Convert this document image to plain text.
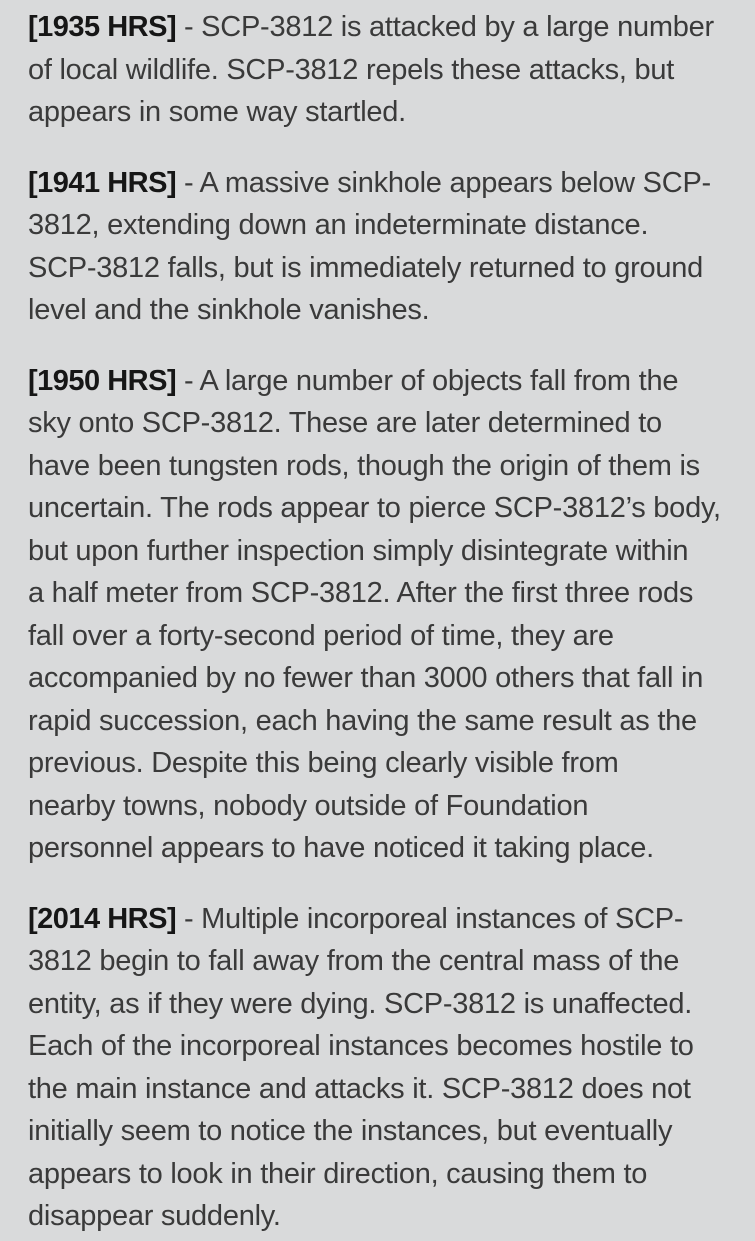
[1935 HRS] - SCP-3812 is attacked by a large number
of local wildlife. SCP-3812 repels these attacks, but
appears in some way startled.

[1941 HRS] - A massive sinkhole appears below SCP-
3812, extending down an indeterminate distance.
SCP-3812 falls, but is immediately returned to ground
level and the sinkhole vanishes.

[1950 HRS] - A large number of objects fall from the
sky onto SCP-3812. These are later determined to
have been tungsten rods, though the origin of them is
uncertain. The rods appear to pierce SCP-3812’s body,
but upon further inspection simply disintegrate within
a half meter from SCP-3812. After the first three rods
fall over a forty-second period of time, they are
accompanied by no fewer than 3000 others that fall in
rapid succession, each having the same result as the
previous. Despite this being clearly visible from
nearby towns, nobody outside of Foundation
personnel appears to have noticed it taking place.

[2014 HRS] - Multiple incorporeal instances of SCP-
3812 begin to fall away from the central mass of the
entity, as if they were dying. SCP-3812 is unaffected.
Each of the incorporeal instances becomes hostile to
the main instance and attacks it. SCP-3812 does not
initially seem to notice the instances, but eventually
appears to look in their direction, causing them to
disappear suddenly.
